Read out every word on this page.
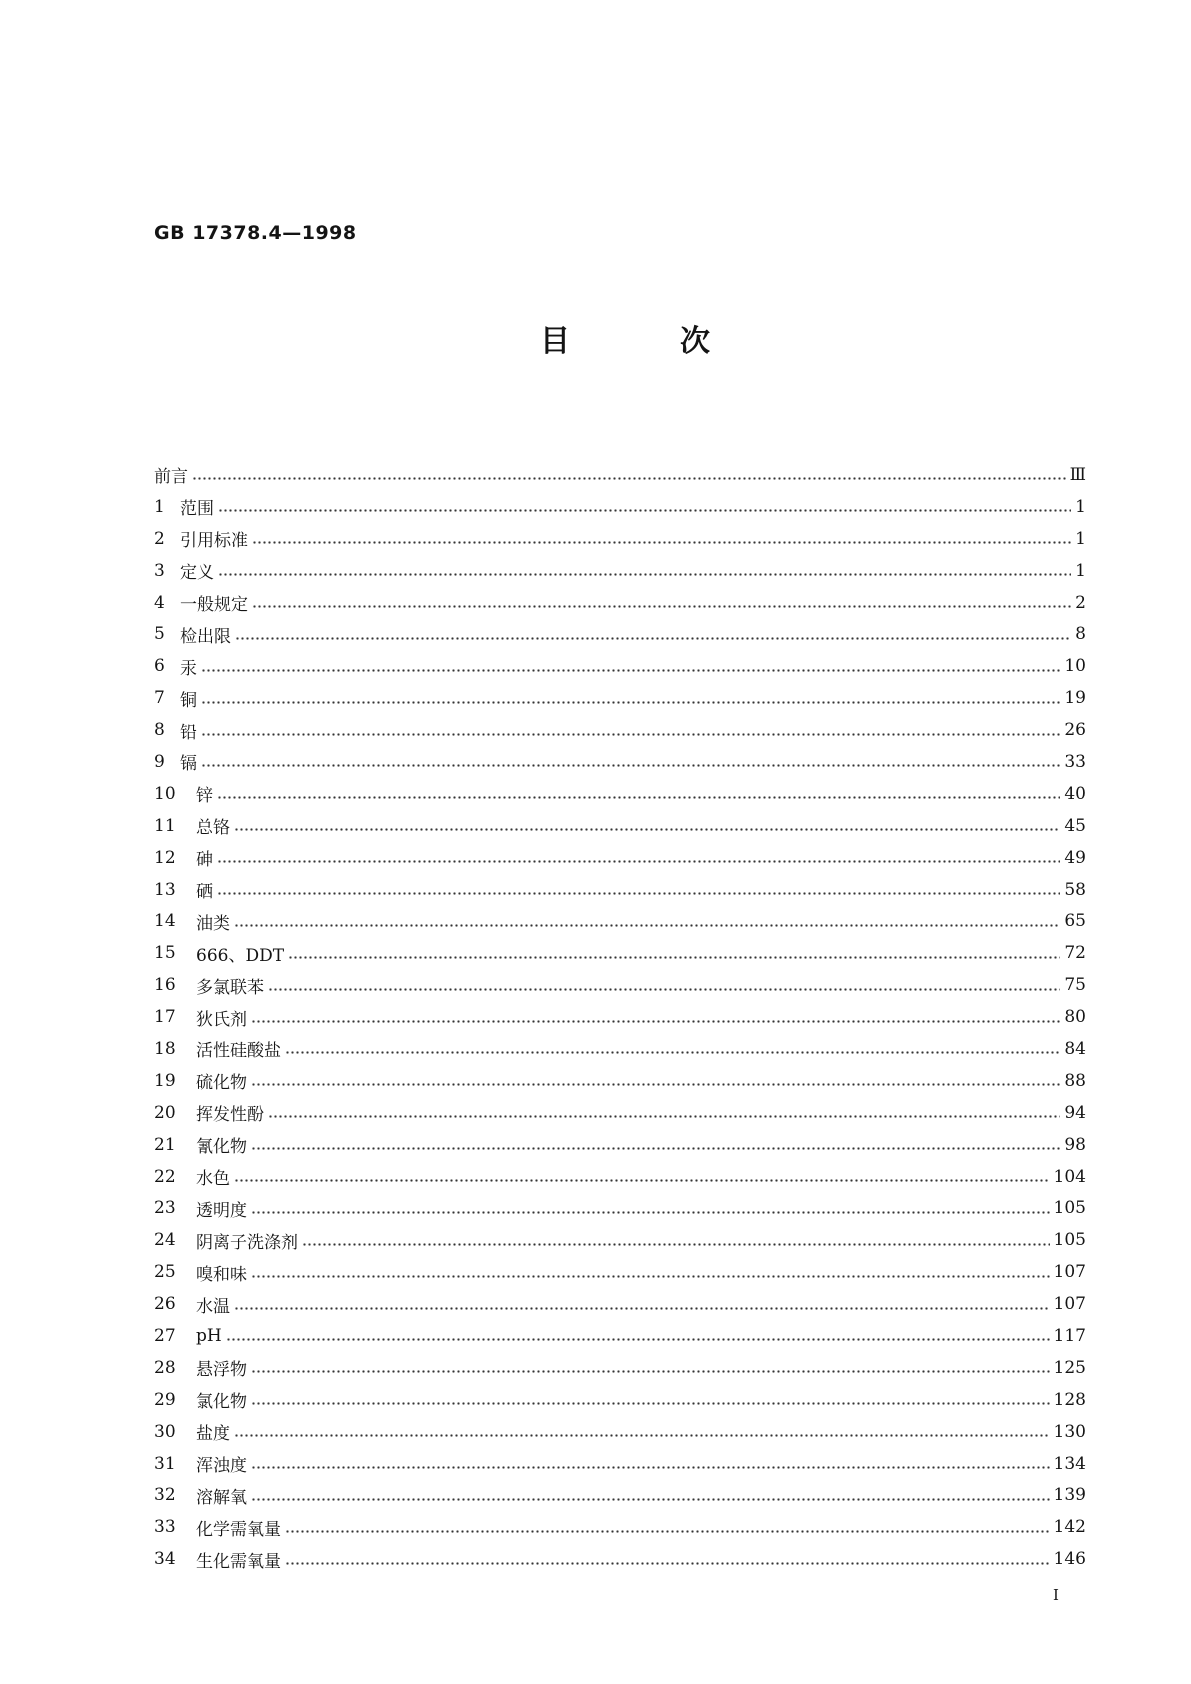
GB 17378.4—1998
目	次
前言	Ⅲ
1 范围	1
2 引用标准	1
3 定义	1
4 一般规定	2
5 检出限	8
6 汞	10
7 铜	19
8 铅	26
9 镉	33
10	锌	40
11	总铬	45
12	砷	49
13	硒	58
14	油类	65
15	666、DDT	72
16	多氯联苯	75
17	狄氏剂	80
18	活性硅酸盐	84
19	硫化物	88
20	挥发性酚	94
21	氰化物	98
22	水色	104
23	透明度	105
24	阴离子洗涤剂	105
25	嗅和味	107
26	水温	107
27	pH	117
28	悬浮物	125
29	氯化物	128
30	盐度	130
31	浑浊度	134
32	溶解氧	139
33	化学需氧量	142
34	生化需氧量	146
I
